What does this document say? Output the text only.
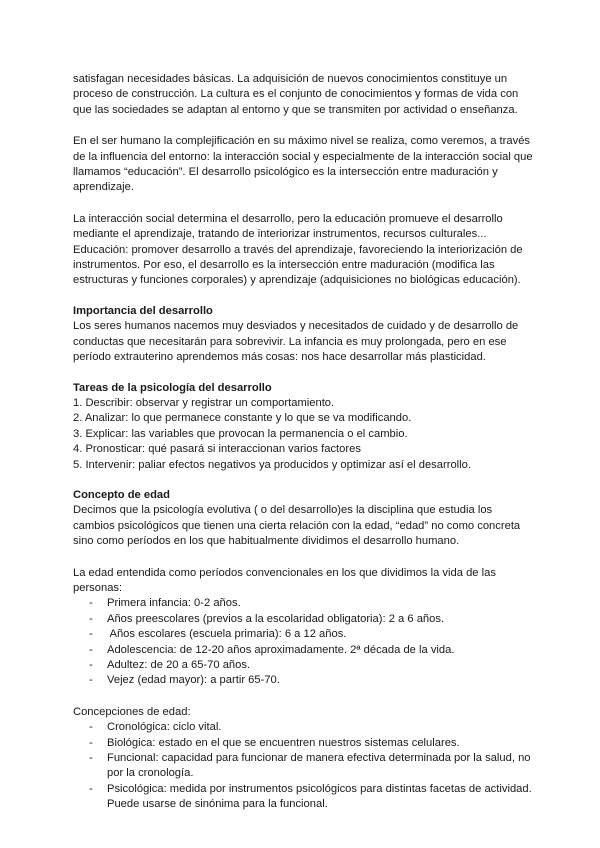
satisfagan necesidades básicas. La adquisición de nuevos conocimientos constituye un proceso de construcción. La cultura es el conjunto de conocimientos y formas de vida con que las sociedades se adaptan al entorno y que se transmiten por actividad o enseñanza.

En el ser humano la complejificación en su máximo nivel se realiza, como veremos, a través de la influencia del entorno: la interacción social y especialmente de la interacción social que llamamos “educación”. El desarrollo psicológico es la intersección entre maduración y aprendizaje.

La interacción social determina el desarrollo, pero la educación promueve el desarrollo mediante el aprendizaje, tratando de interiorizar instrumentos, recursos culturales... Educación: promover desarrollo a través del aprendizaje, favoreciendo la interiorización de instrumentos. Por eso, el desarrollo es la intersección entre maduración (modifica las estructuras y funciones corporales) y aprendizaje (adquisiciones no biológicas educación).

Importancia del desarrollo

Los seres humanos nacemos muy desviados y necesitados de cuidado y de desarrollo de conductas que necesitarán para sobrevivir. La infancia es muy prolongada, pero en ese período extrauterino aprendemos más cosas: nos hace desarrollar más plasticidad.

Tareas de la psicología del desarrollo

1. Describir: observar y registrar un comportamiento.

2. Analizar: lo que permanece constante y lo que se va modificando.

3. Explicar: las variables que provocan la permanencia o el cambio.

4. Pronosticar: qué pasará si interaccionan varios factores

5. Intervenir: paliar efectos negativos ya producidos y optimizar así el desarrollo.

Concepto de edad

Decimos que la psicología evolutiva ( o del desarrollo)es la disciplina que estudia los cambios psicológicos que tienen una cierta relación con la edad, “edad” no como concreta sino como períodos en los que habitualmente dividimos el desarrollo humano.

La edad entendida como períodos convencionales en los que dividimos la vida de las personas:

- Primera infancia: 0-2 años.
- Años preescolares (previos a la escolaridad obligatoria): 2 a 6 años.
-  Años escolares (escuela primaria): 6 a 12 años.
- Adolescencia: de 12-20 años aproximadamente. 2ª década de la vida.
- Adultez: de 20 a 65-70 años.
- Vejez (edad mayor): a partir 65-70.

Concepciones de edad:

- Cronológica: ciclo vital.
- Biológica: estado en el que se encuentren nuestros sistemas celulares.
- Funcional: capacidad para funcionar de manera efectiva determinada por la salud, no por la cronología.
- Psicológica: medida por instrumentos psicológicos para distintas facetas de actividad. Puede usarse de sinónima para la funcional.
